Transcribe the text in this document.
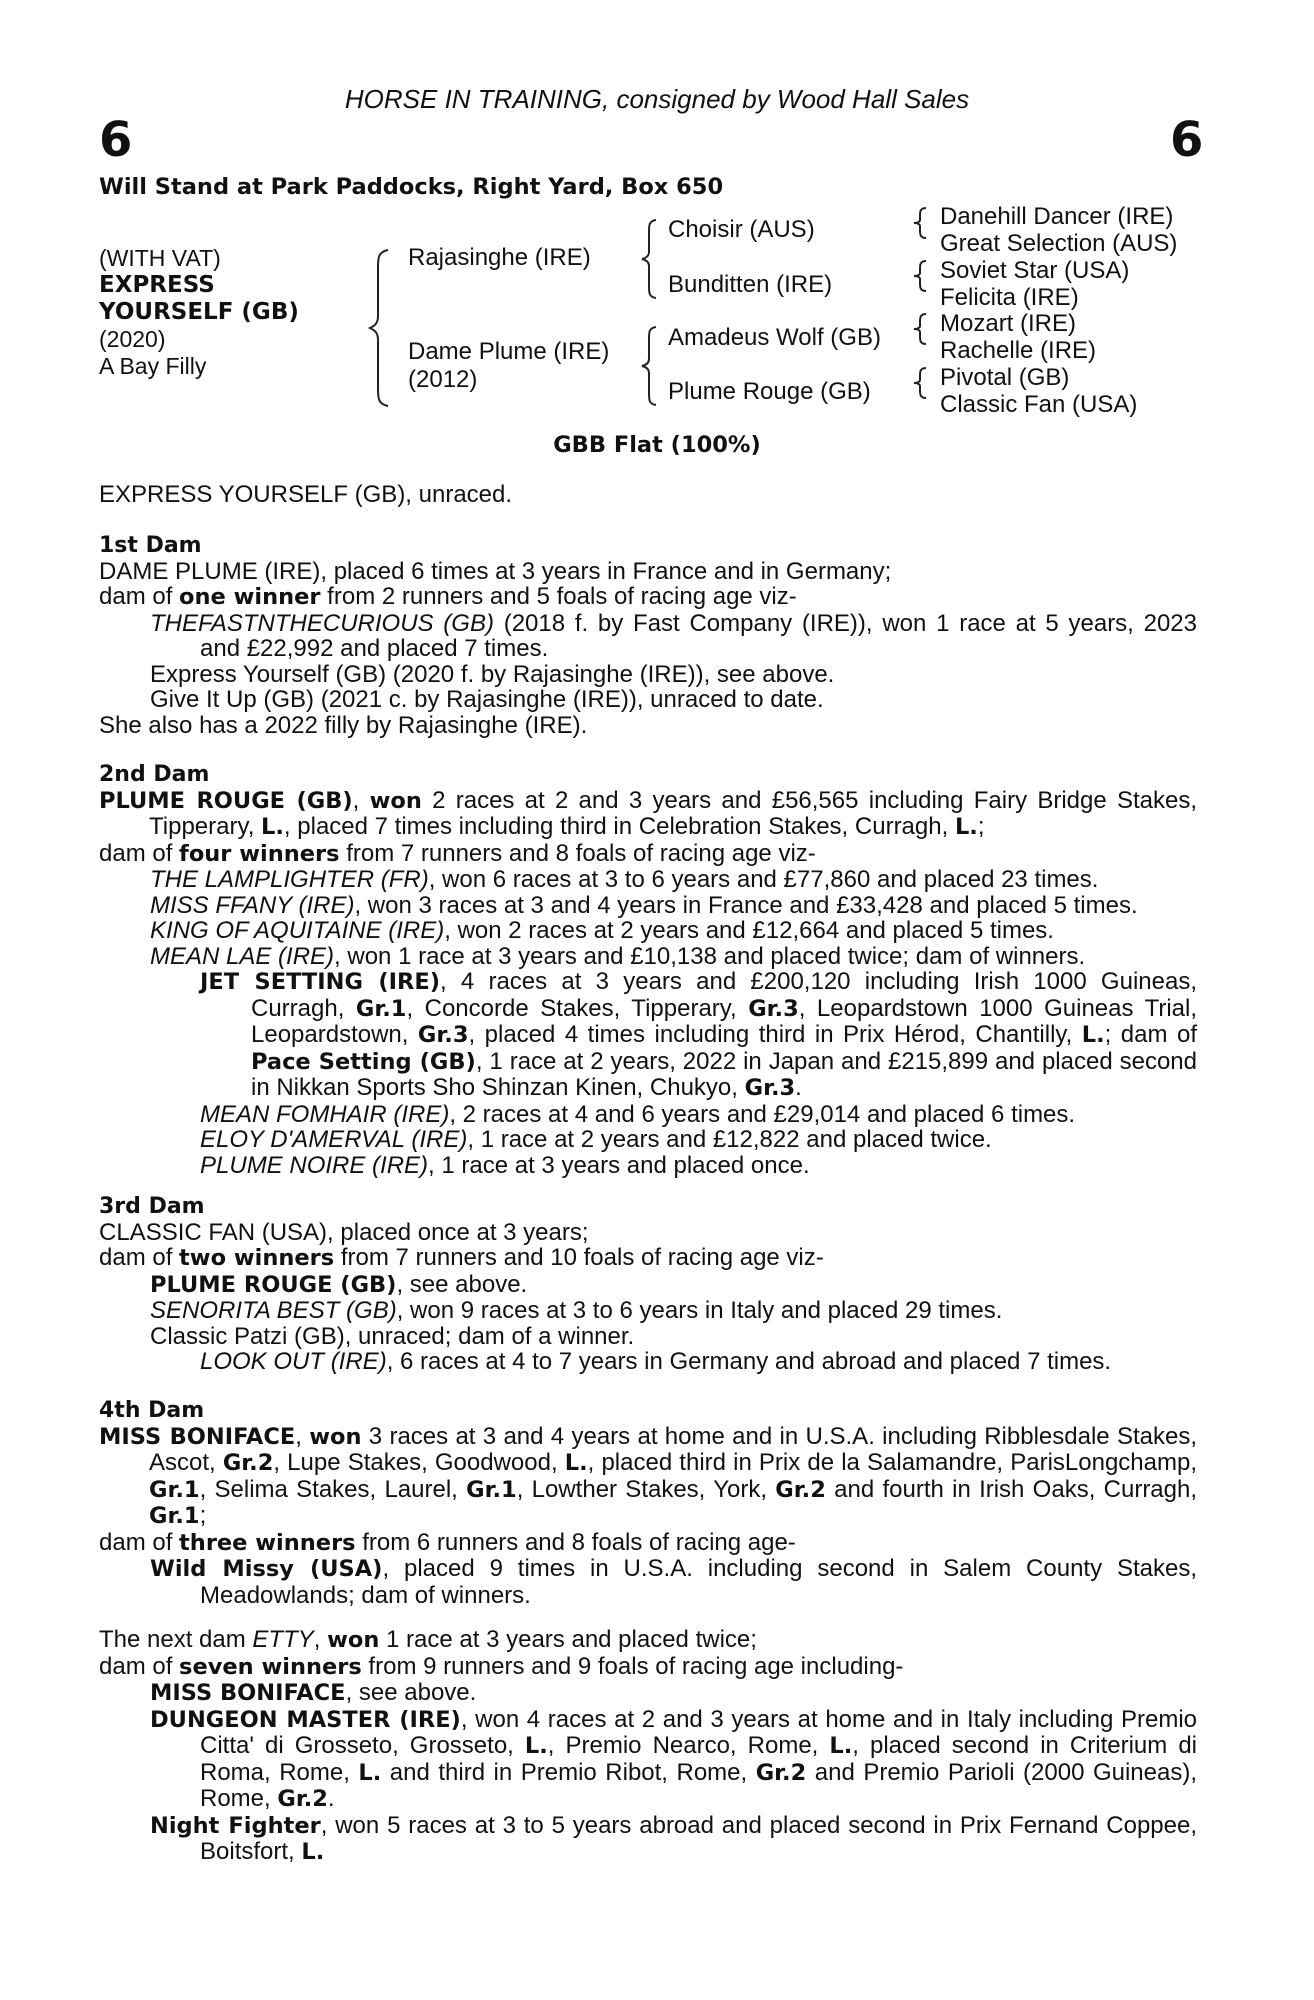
HORSE IN TRAINING, consigned by Wood Hall Sales
6	6
Will Stand at Park Paddocks, Right Yard, Box 650
(WITH VAT)
EXPRESS
YOURSELF (GB)
(2020)
A Bay Filly
Rajasinghe (IRE)
Dame Plume (IRE)
(2012)
Choisir (AUS)
Bunditten (IRE)
Amadeus Wolf (GB)
Plume Rouge (GB)
Danehill Dancer (IRE)
Great Selection (AUS)
Soviet Star (USA)
Felicita (IRE)
Mozart (IRE)
Rachelle (IRE)
Pivotal (GB)
Classic Fan (USA)
GBB Flat (100%)
EXPRESS YOURSELF (GB), unraced.

1st Dam

DAME PLUME (IRE), placed 6 times at 3 years in France and in Germany;

dam of one winner from 2 runners and 5 foals of racing age viz-

THEFASTNTHECURIOUS (GB) (2018 f. by Fast Company (IRE)), won 1 race at 5 years, 2023 and £22,992 and placed 7 times.

Express Yourself (GB) (2020 f. by Rajasinghe (IRE)), see above.

Give It Up (GB) (2021 c. by Rajasinghe (IRE)), unraced to date.

She also has a 2022 filly by Rajasinghe (IRE).

2nd Dam

PLUME ROUGE (GB), won 2 races at 2 and 3 years and £56,565 including Fairy Bridge Stakes, Tipperary, L., placed 7 times including third in Celebration Stakes, Curragh, L.;

dam of four winners from 7 runners and 8 foals of racing age viz-

THE LAMPLIGHTER (FR), won 6 races at 3 to 6 years and £77,860 and placed 23 times.

MISS FFANY (IRE), won 3 races at 3 and 4 years in France and £33,428 and placed 5 times.

KING OF AQUITAINE (IRE), won 2 races at 2 years and £12,664 and placed 5 times.

MEAN LAE (IRE), won 1 race at 3 years and £10,138 and placed twice; dam of winners.

JET SETTING (IRE), 4 races at 3 years and £200,120 including Irish 1000 Guineas, Curragh, Gr.1, Concorde Stakes, Tipperary, Gr.3, Leopardstown 1000 Guineas Trial, Leopardstown, Gr.3, placed 4 times including third in Prix Hérod, Chantilly, L.; dam of Pace Setting (GB), 1 race at 2 years, 2022 in Japan and £215,899 and placed second in Nikkan Sports Sho Shinzan Kinen, Chukyo, Gr.3.

MEAN FOMHAIR (IRE), 2 races at 4 and 6 years and £29,014 and placed 6 times.

ELOY D'AMERVAL (IRE), 1 race at 2 years and £12,822 and placed twice.

PLUME NOIRE (IRE), 1 race at 3 years and placed once.

3rd Dam

CLASSIC FAN (USA), placed once at 3 years;

dam of two winners from 7 runners and 10 foals of racing age viz-

PLUME ROUGE (GB), see above.

SENORITA BEST (GB), won 9 races at 3 to 6 years in Italy and placed 29 times.

Classic Patzi (GB), unraced; dam of a winner.

LOOK OUT (IRE), 6 races at 4 to 7 years in Germany and abroad and placed 7 times.

4th Dam

MISS BONIFACE, won 3 races at 3 and 4 years at home and in U.S.A. including Ribblesdale Stakes, Ascot, Gr.2, Lupe Stakes, Goodwood, L., placed third in Prix de la Salamandre, ParisLongchamp, Gr.1, Selima Stakes, Laurel, Gr.1, Lowther Stakes, York, Gr.2 and fourth in Irish Oaks, Curragh, Gr.1;

dam of three winners from 6 runners and 8 foals of racing age-

Wild Missy (USA), placed 9 times in U.S.A. including second in Salem County Stakes, Meadowlands; dam of winners.

The next dam ETTY, won 1 race at 3 years and placed twice;

dam of seven winners from 9 runners and 9 foals of racing age including-

MISS BONIFACE, see above.

DUNGEON MASTER (IRE), won 4 races at 2 and 3 years at home and in Italy including Premio Citta' di Grosseto, Grosseto, L., Premio Nearco, Rome, L., placed second in Criterium di Roma, Rome, L. and third in Premio Ribot, Rome, Gr.2 and Premio Parioli (2000 Guineas), Rome, Gr.2.

Night Fighter, won 5 races at 3 to 5 years abroad and placed second in Prix Fernand Coppee, Boitsfort, L.
